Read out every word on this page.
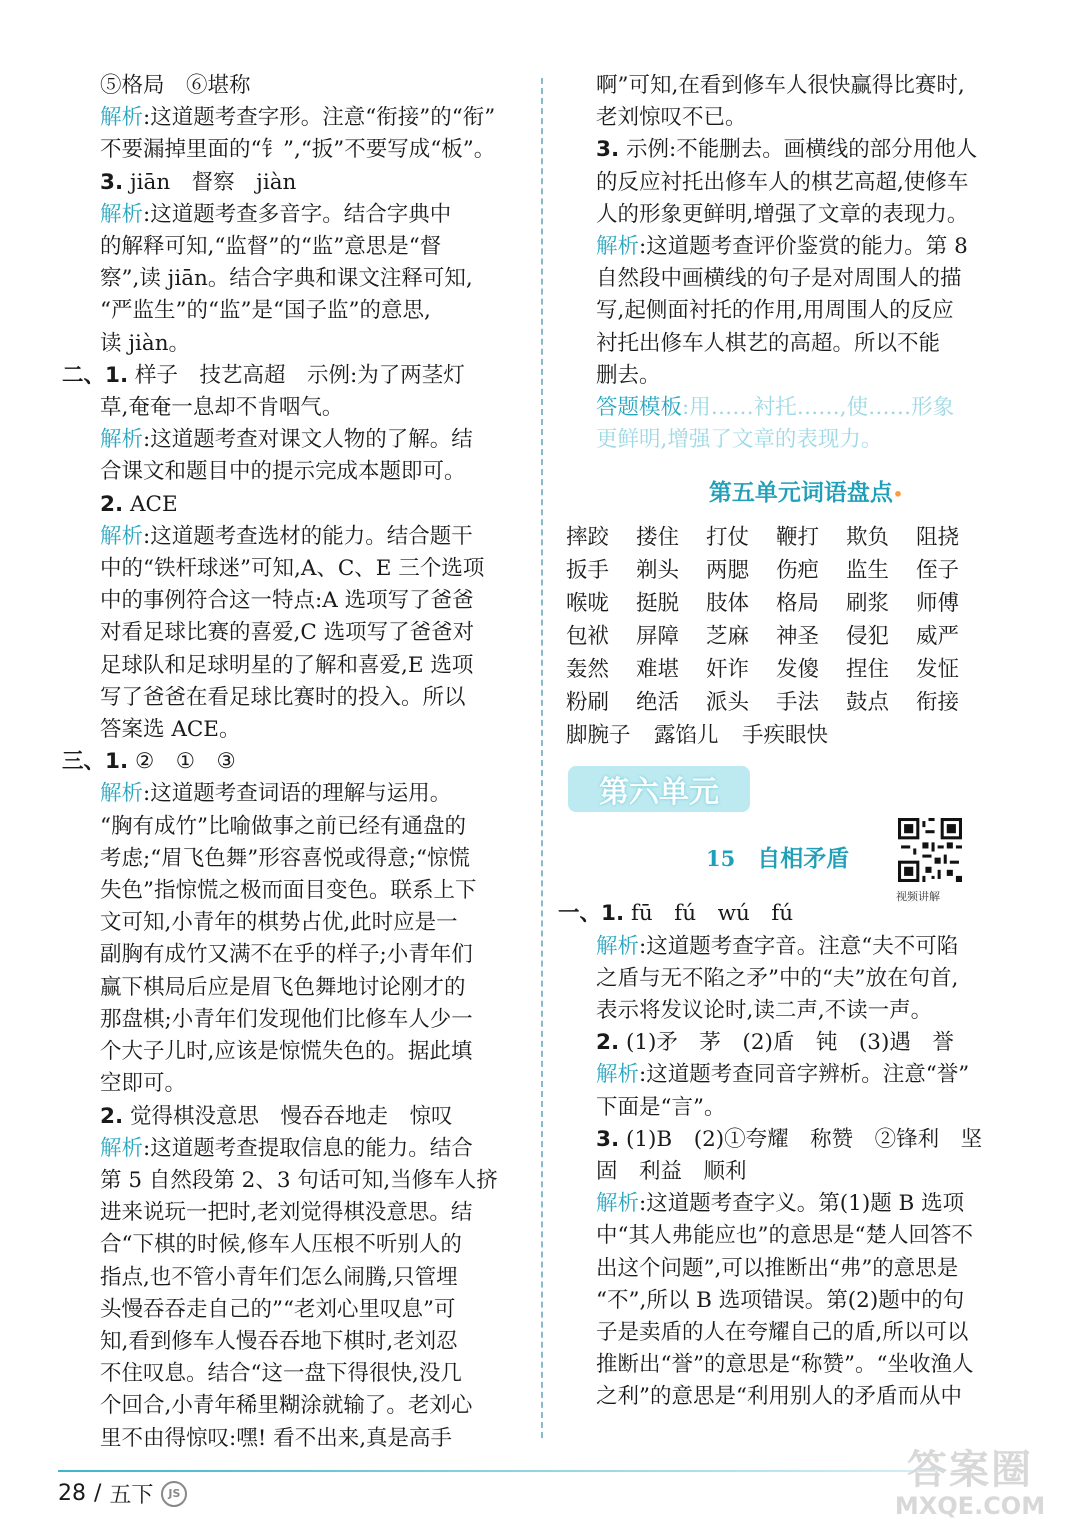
⑤格局　⑥堪称

解析:这道题考查字形。注意“衔接”的“衔”

不要漏掉里面的“钅”,“扳”不要写成“板”。

3. jiān　督察　jiàn

解析:这道题考查多音字。结合字典中

的解释可知,“监督”的“监”意思是“督

察”,读 jiān。结合字典和课文注释可知,

“严监生”的“监”是“国子监”的意思,

读 jiàn。

二、1. 样子　技艺高超　示例:为了两茎灯

草,奄奄一息却不肯咽气。

解析:这道题考查对课文人物的了解。结

合课文和题目中的提示完成本题即可。

2. ACE

解析:这道题考查选材的能力。结合题干

中的“铁杆球迷”可知,A、C、E 三个选项

中的事例符合这一特点:A 选项写了爸爸

对看足球比赛的喜爱,C 选项写了爸爸对

足球队和足球明星的了解和喜爱,E 选项

写了爸爸在看足球比赛时的投入。所以

答案选 ACE。

三、1. ②　①　③

解析:这道题考查词语的理解与运用。

“胸有成竹”比喻做事之前已经有通盘的

考虑;“眉飞色舞”形容喜悦或得意;“惊慌

失色”指惊慌之极而面目变色。联系上下

文可知,小青年的棋势占优,此时应是一

副胸有成竹又满不在乎的样子;小青年们

赢下棋局后应是眉飞色舞地讨论刚才的

那盘棋;小青年们发现他们比修车人少一

个大子儿时,应该是惊慌失色的。据此填

空即可。

2. 觉得棋没意思　慢吞吞地走　惊叹

解析:这道题考查提取信息的能力。结合

第 5 自然段第 2、3 句话可知,当修车人挤

进来说玩一把时,老刘觉得棋没意思。结

合“下棋的时候,修车人压根不听别人的

指点,也不管小青年们怎么闹腾,只管埋

头慢吞吞走自己的”“老刘心里叹息”可

知,看到修车人慢吞吞地下棋时,老刘忍

不住叹息。结合“这一盘下得很快,没几

个回合,小青年稀里糊涂就输了。老刘心

里不由得惊叹:嘿! 看不出来,真是高手

啊”可知,在看到修车人很快赢得比赛时,

老刘惊叹不已。

3. 示例:不能删去。画横线的部分用他人

的反应衬托出修车人的棋艺高超,使修车

人的形象更鲜明,增强了文章的表现力。

解析:这道题考查评价鉴赏的能力。第 8

自然段中画横线的句子是对周围人的描

写,起侧面衬托的作用,用周围人的反应

衬托出修车人棋艺的高超。所以不能

删去。

答题模板:用……衬托……,使……形象

更鲜明,增强了文章的表现力。

第五单元词语盘点•
摔跤	搂住	打仗	鞭打	欺负	阻挠
扳手	剃头	两腮	伤疤	监生	侄子
喉咙	挺脱	肢体	格局	刷浆	师傅
包袱	屏障	芝麻	神圣	侵犯	威严
轰然	难堪	奸诈	发傻	捏住	发怔
粉刷	绝活	派头	手法	鼓点	衔接
脚腕子	露馅儿	手疾眼快
第六单元
15 自相矛盾
视频讲解

一、1. fū　fú　wú　fú

解析:这道题考查字音。注意“夫不可陷

之盾与无不陷之矛”中的“夫”放在句首,

表示将发议论时,读二声,不读一声。

2. (1)矛　茅　(2)盾　钝　(3)遇　誉

解析:这道题考查同音字辨析。注意“誉”

下面是“言”。

3. (1)B　(2)①夸耀　称赞　②锋利　坚

固　利益　顺利

解析:这道题考查字义。第(1)题 B 选项

中“其人弗能应也”的意思是“楚人回答不

出这个问题”,可以推断出“弗”的意思是

“不”,所以 B 选项错误。第(2)题中的句

子是卖盾的人在夸耀自己的盾,所以可以

推断出“誉”的意思是“称赞”。“坐收渔人

之利”的意思是“利用别人的矛盾而从中

28 / 五下	JS	答案圈
MXQE.COM
